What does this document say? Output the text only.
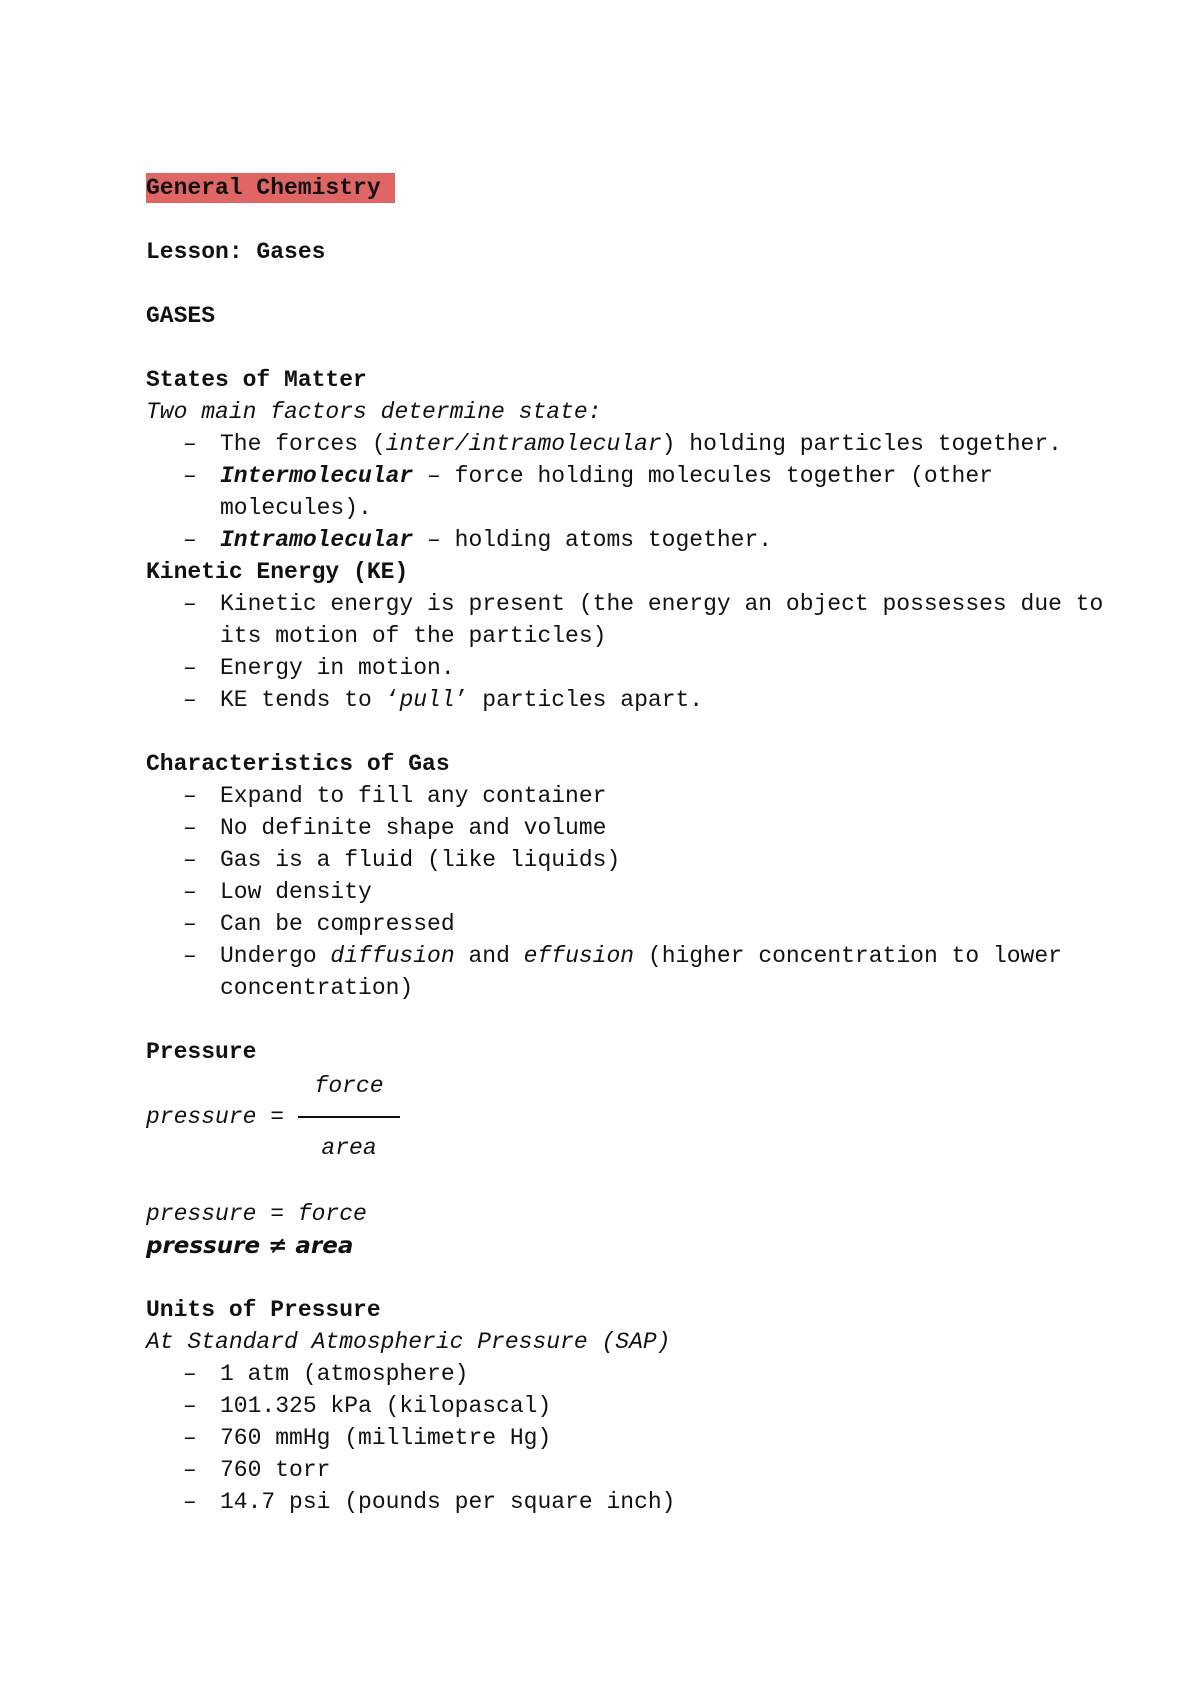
General Chemistry
Lesson: Gases
GASES
States of Matter
Two main factors determine state:
– The forces (inter/intramolecular) holding particles together.
– Intermolecular – force holding molecules together (other molecules).
– Intramolecular – holding atoms together.
Kinetic Energy (KE)
– Kinetic energy is present (the energy an object possesses due to its motion of the particles)
– Energy in motion.
– KE tends to ‘pull’ particles apart.
Characteristics of Gas
– Expand to fill any container
– No definite shape and volume
– Gas is a fluid (like liquids)
– Low density
– Can be compressed
– Undergo diffusion and effusion (higher concentration to lower concentration)
Pressure
pressure = $\frac{\text{force}}{\text{area}}$
pressure = force
pressure ≠ area
Units of Pressure
At Standard Atmospheric Pressure (SAP)
– 1 atm (atmosphere)
– 101.325 kPa (kilopascal)
– 760 mmHg (millimetre Hg)
– 760 torr
– 14.7 psi (pounds per square inch)
